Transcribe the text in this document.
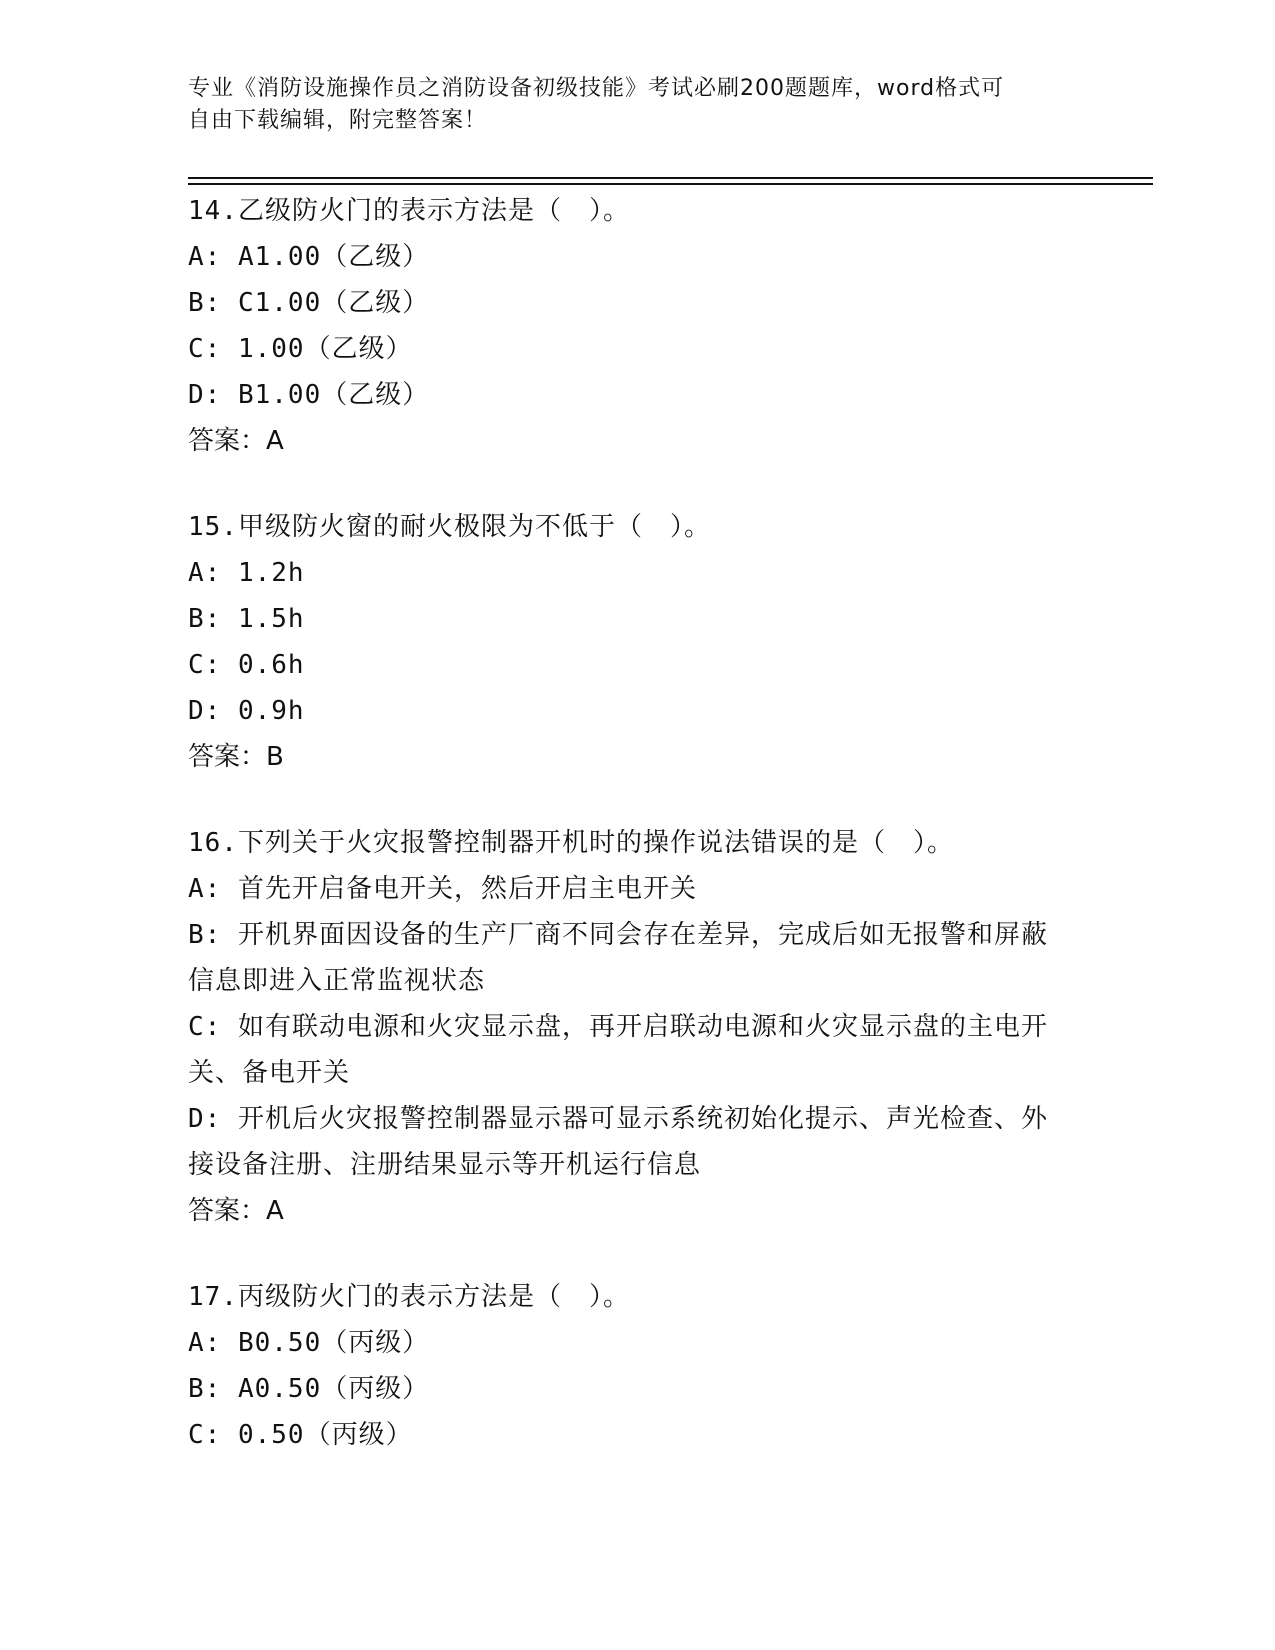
专业《消防设施操作员之消防设备初级技能》考试必刷200题题库，word格式可
自由下载编辑，附完整答案！
14.乙级防火门的表示方法是（　）。
A: A1.00（乙级）
B: C1.00（乙级）
C: 1.00（乙级）
D: B1.00（乙级）
答案：A
15.甲级防火窗的耐火极限为不低于（　）。
A: 1.2h
B: 1.5h
C: 0.6h
D: 0.9h
答案：B
16.下列关于火灾报警控制器开机时的操作说法错误的是（　）。
A: 首先开启备电开关，然后开启主电开关
B: 开机界面因设备的生产厂商不同会存在差异，完成后如无报警和屏蔽信息即进入正常监视状态
C: 如有联动电源和火灾显示盘，再开启联动电源和火灾显示盘的主电开关、备电开关
D: 开机后火灾报警控制器显示器可显示系统初始化提示、声光检查、外接设备注册、注册结果显示等开机运行信息
答案：A
17.丙级防火门的表示方法是（　）。
A: B0.50（丙级）
B: A0.50（丙级）
C: 0.50（丙级）
